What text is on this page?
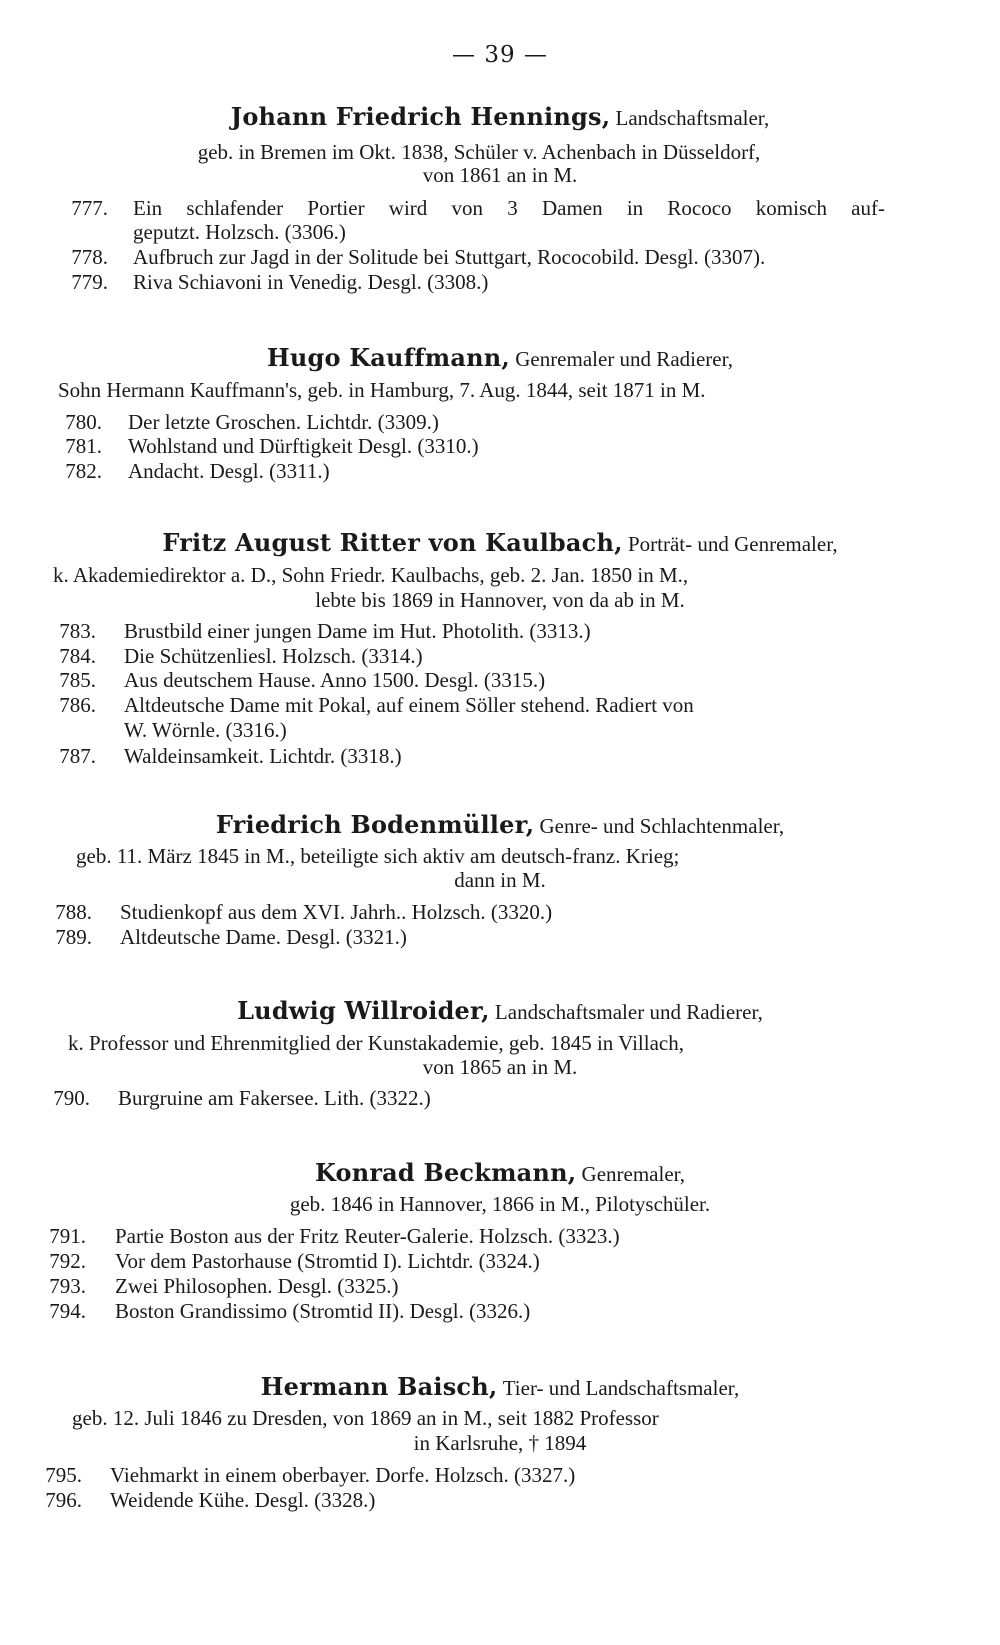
— 39 —
Johann Friedrich Hennings, Landschaftsmaler,
geb. in Bremen im Okt. 1838, Schüler v. Achenbach in Düsseldorf,
von 1861 an in M.
777. Ein schlafender Portier wird von 3 Damen in Rococo komisch auf-
geputzt. Holzsch. (3306.)
778. Aufbruch zur Jagd in der Solitude bei Stuttgart, Rococobild. Desgl. (3307).
779. Riva Schiavoni in Venedig. Desgl. (3308.)
Hugo Kauffmann, Genremaler und Radierer,
Sohn Hermann Kauffmann's, geb. in Hamburg, 7. Aug. 1844, seit 1871 in M.
780. Der letzte Groschen. Lichtdr. (3309.)
781. Wohlstand und Dürftigkeit Desgl. (3310.)
782. Andacht. Desgl. (3311.)
Fritz August Ritter von Kaulbach, Porträt- und Genremaler,
k. Akademiedirektor a. D., Sohn Friedr. Kaulbachs, geb. 2. Jan. 1850 in M.,
lebte bis 1869 in Hannover, von da ab in M.
783. Brustbild einer jungen Dame im Hut. Photolith. (3313.)
784. Die Schützenliesl. Holzsch. (3314.)
785. Aus deutschem Hause. Anno 1500. Desgl. (3315.)
786. Altdeutsche Dame mit Pokal, auf einem Söller stehend. Radiert von
W. Wörnle. (3316.)
787. Waldeinsamkeit. Lichtdr. (3318.)
Friedrich Bodenmüller, Genre- und Schlachtenmaler,
geb. 11. März 1845 in M., beteiligte sich aktiv am deutsch-franz. Krieg;
dann in M.
788. Studienkopf aus dem XVI. Jahrh.. Holzsch. (3320.)
789. Altdeutsche Dame. Desgl. (3321.)
Ludwig Willroider, Landschaftsmaler und Radierer,
k. Professor und Ehrenmitglied der Kunstakademie, geb. 1845 in Villach,
von 1865 an in M.
790. Burgruine am Fakersee. Lith. (3322.)
Konrad Beckmann, Genremaler,
geb. 1846 in Hannover, 1866 in M., Pilotyschüler.
791. Partie Boston aus der Fritz Reuter-Galerie. Holzsch. (3323.)
792. Vor dem Pastorhause (Stromtid I). Lichtdr. (3324.)
793. Zwei Philosophen. Desgl. (3325.)
794. Boston Grandissimo (Stromtid II). Desgl. (3326.)
Hermann Baisch, Tier- und Landschaftsmaler,
geb. 12. Juli 1846 zu Dresden, von 1869 an in M., seit 1882 Professor
in Karlsruhe, † 1894
795. Viehmarkt in einem oberbayer. Dorfe. Holzsch. (3327.)
796. Weidende Kühe. Desgl. (3328.)
